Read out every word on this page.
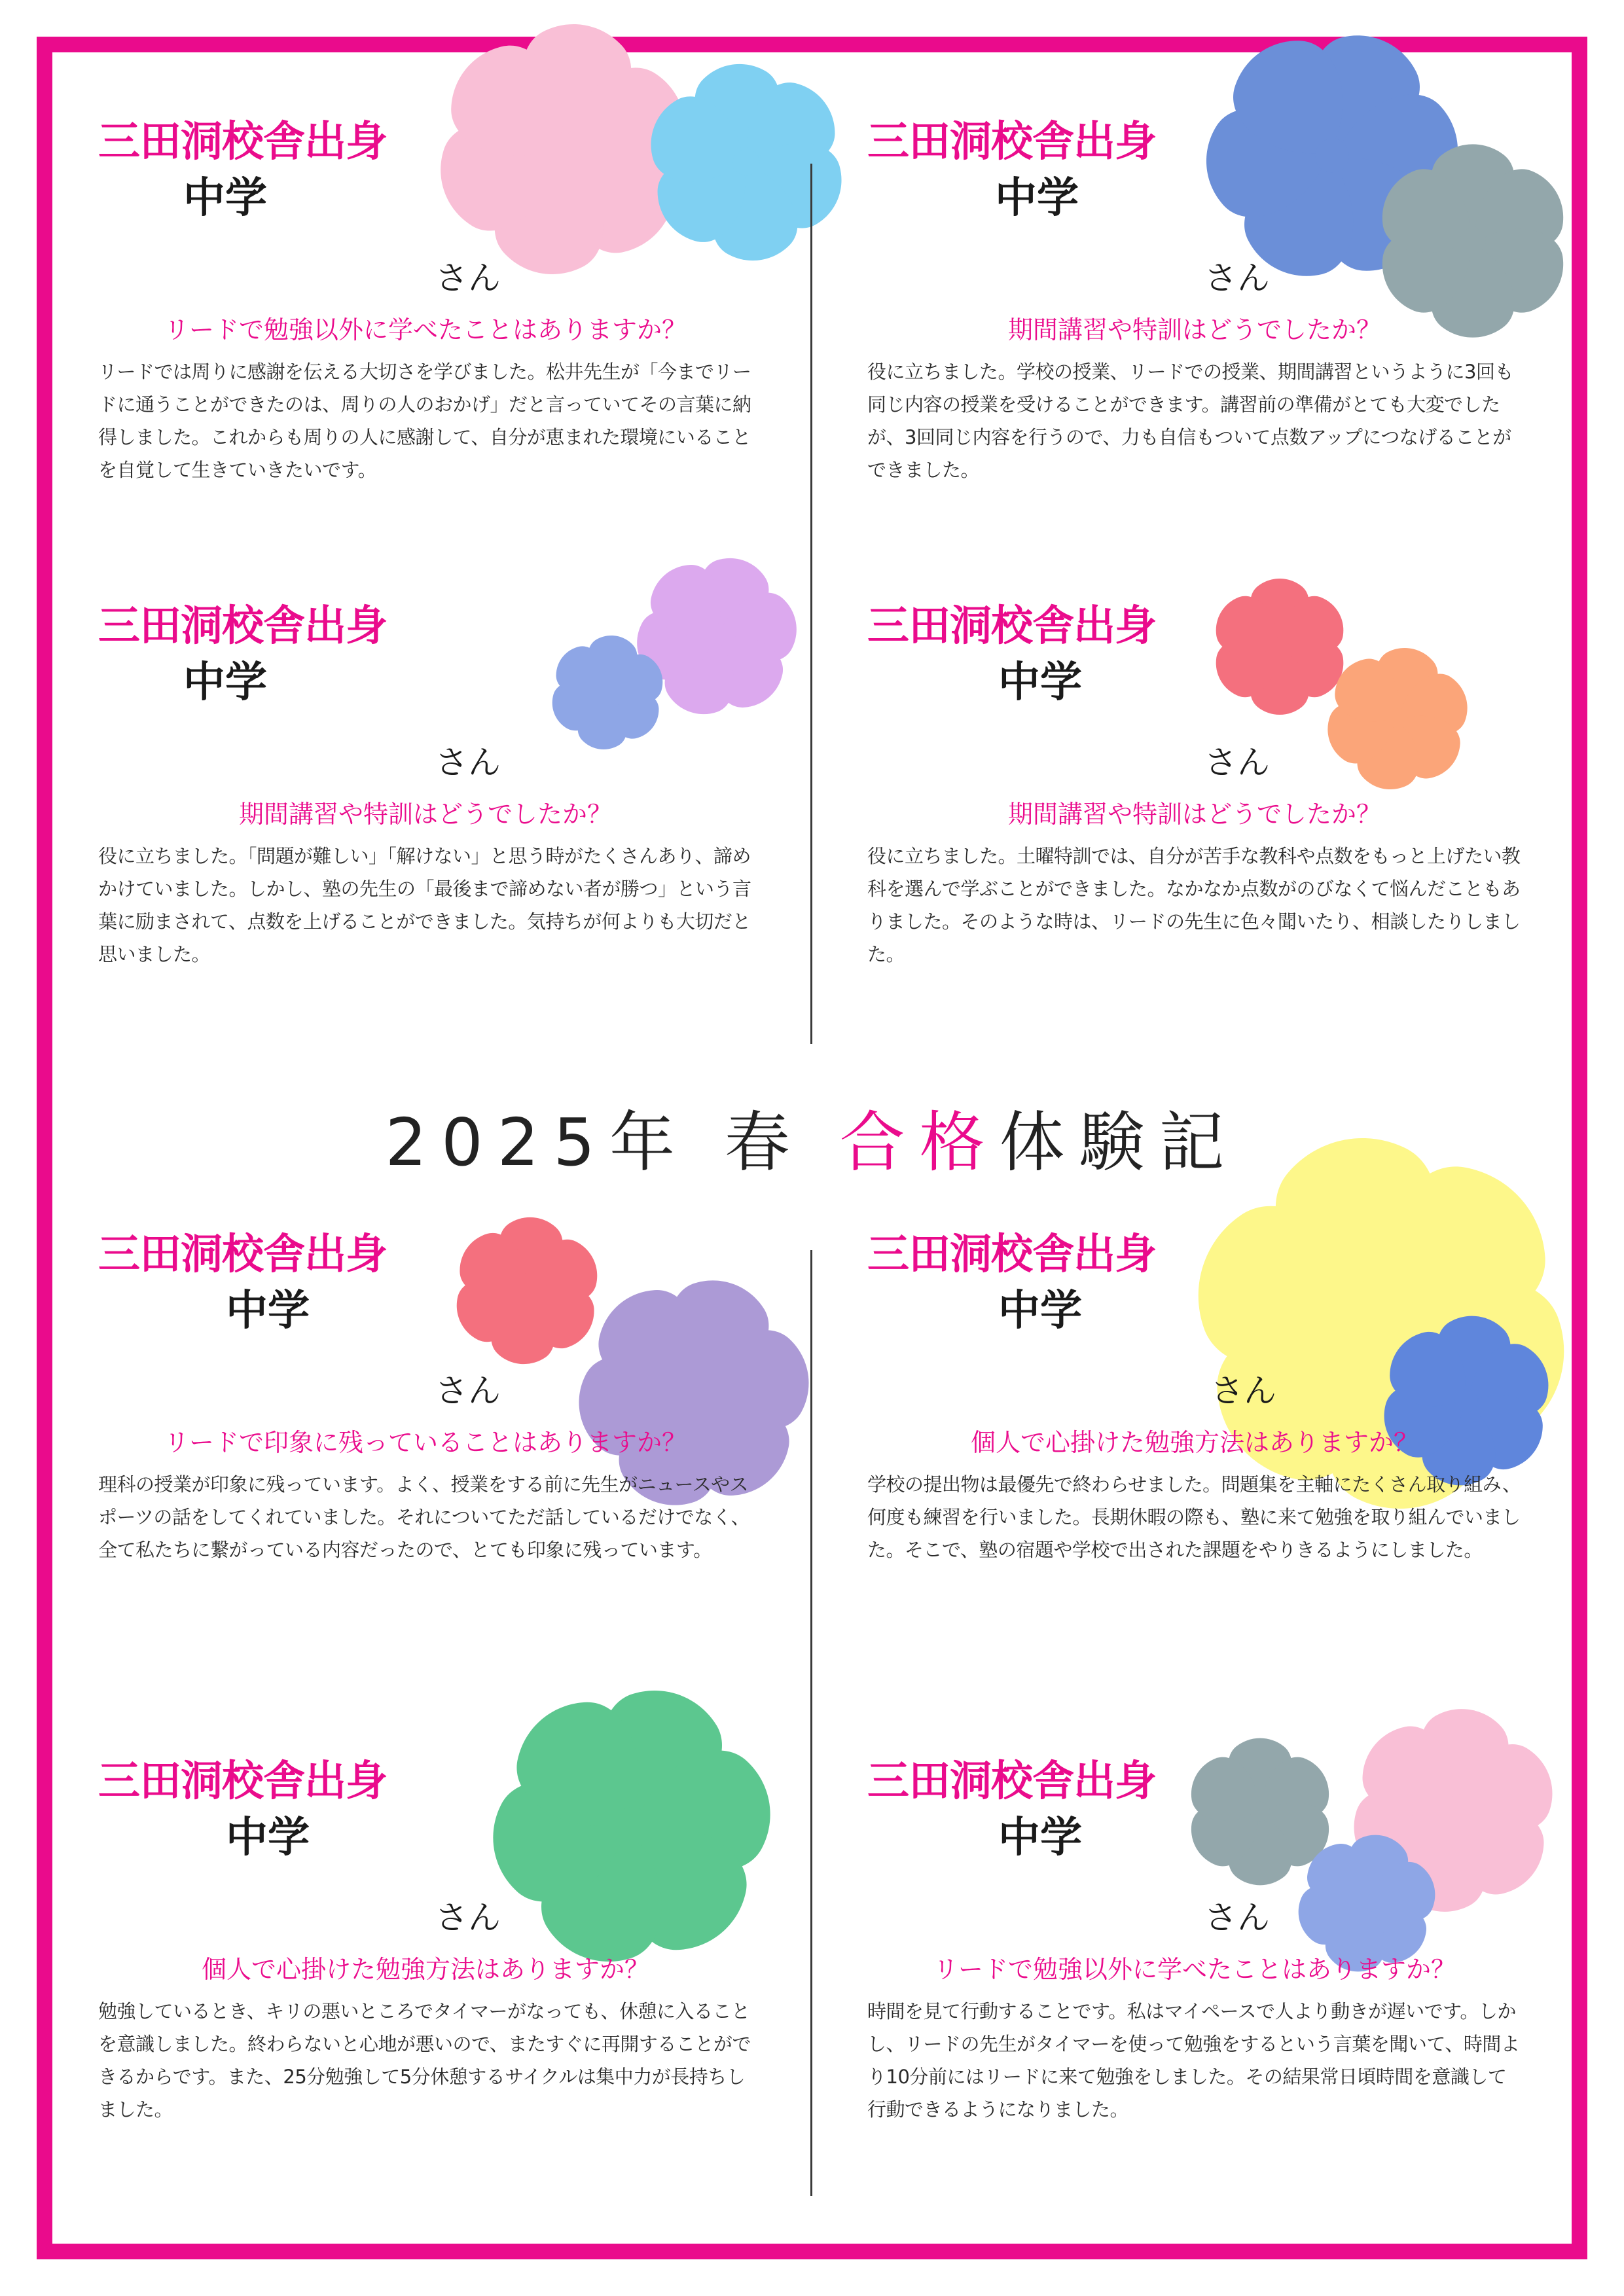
2025年 春 合格体験記
三田洞校舎出身
中学
さん
リードで勉強以外に学べたことはありますか？

リードでは周りに感謝を伝える大切さを学びました。松井先生が「今までリードに通うことができたのは、周りの人のおかげ」だと言っていてその言葉に納得しました。これからも周りの人に感謝して、自分が恵まれた環境にいることを自覚して生きていきたいです。

三田洞校舎出身
中学
さん
期間講習や特訓はどうでしたか？

役に立ちました。学校の授業、リードでの授業、期間講習というように3回も同じ内容の授業を受けることができます。講習前の準備がとても大変でしたが、3回同じ内容を行うので、力も自信もついて点数アップにつなげることができました。

三田洞校舎出身
中学
さん
期間講習や特訓はどうでしたか？

役に立ちました。「問題が難しい」「解けない」と思う時がたくさんあり、諦めかけていました。しかし、塾の先生の「最後まで諦めない者が勝つ」という言葉に励まされて、点数を上げることができました。気持ちが何よりも大切だと思いました。

三田洞校舎出身
中学
さん
期間講習や特訓はどうでしたか？

役に立ちました。土曜特訓では、自分が苦手な教科や点数をもっと上げたい教科を選んで学ぶことができました。なかなか点数がのびなくて悩んだこともありました。そのような時は、リードの先生に色々聞いたり、相談したりしました。

三田洞校舎出身
中学
さん
リードで印象に残っていることはありますか？

理科の授業が印象に残っています。よく、授業をする前に先生がニュースやスポーツの話をしてくれていました。それについてただ話しているだけでなく、全て私たちに繋がっている内容だったので、とても印象に残っています。

三田洞校舎出身
中学
さん
個人で心掛けた勉強方法はありますか？

学校の提出物は最優先で終わらせました。問題集を主軸にたくさん取り組み、何度も練習を行いました。長期休暇の際も、塾に来て勉強を取り組んでいました。そこで、塾の宿題や学校で出された課題をやりきるようにしました。

三田洞校舎出身
中学
さん
個人で心掛けた勉強方法はありますか？

勉強しているとき、キリの悪いところでタイマーがなっても、休憩に入ることを意識しました。終わらないと心地が悪いので、またすぐに再開することができるからです。また、25分勉強して5分休憩するサイクルは集中力が長持ちしました。

三田洞校舎出身
中学
さん
リードで勉強以外に学べたことはありますか？

時間を見て行動することです。私はマイペースで人より動きが遅いです。しかし、リードの先生がタイマーを使って勉強をするという言葉を聞いて、時間より10分前にはリードに来て勉強をしました。その結果常日頃時間を意識して行動できるようになりました。
